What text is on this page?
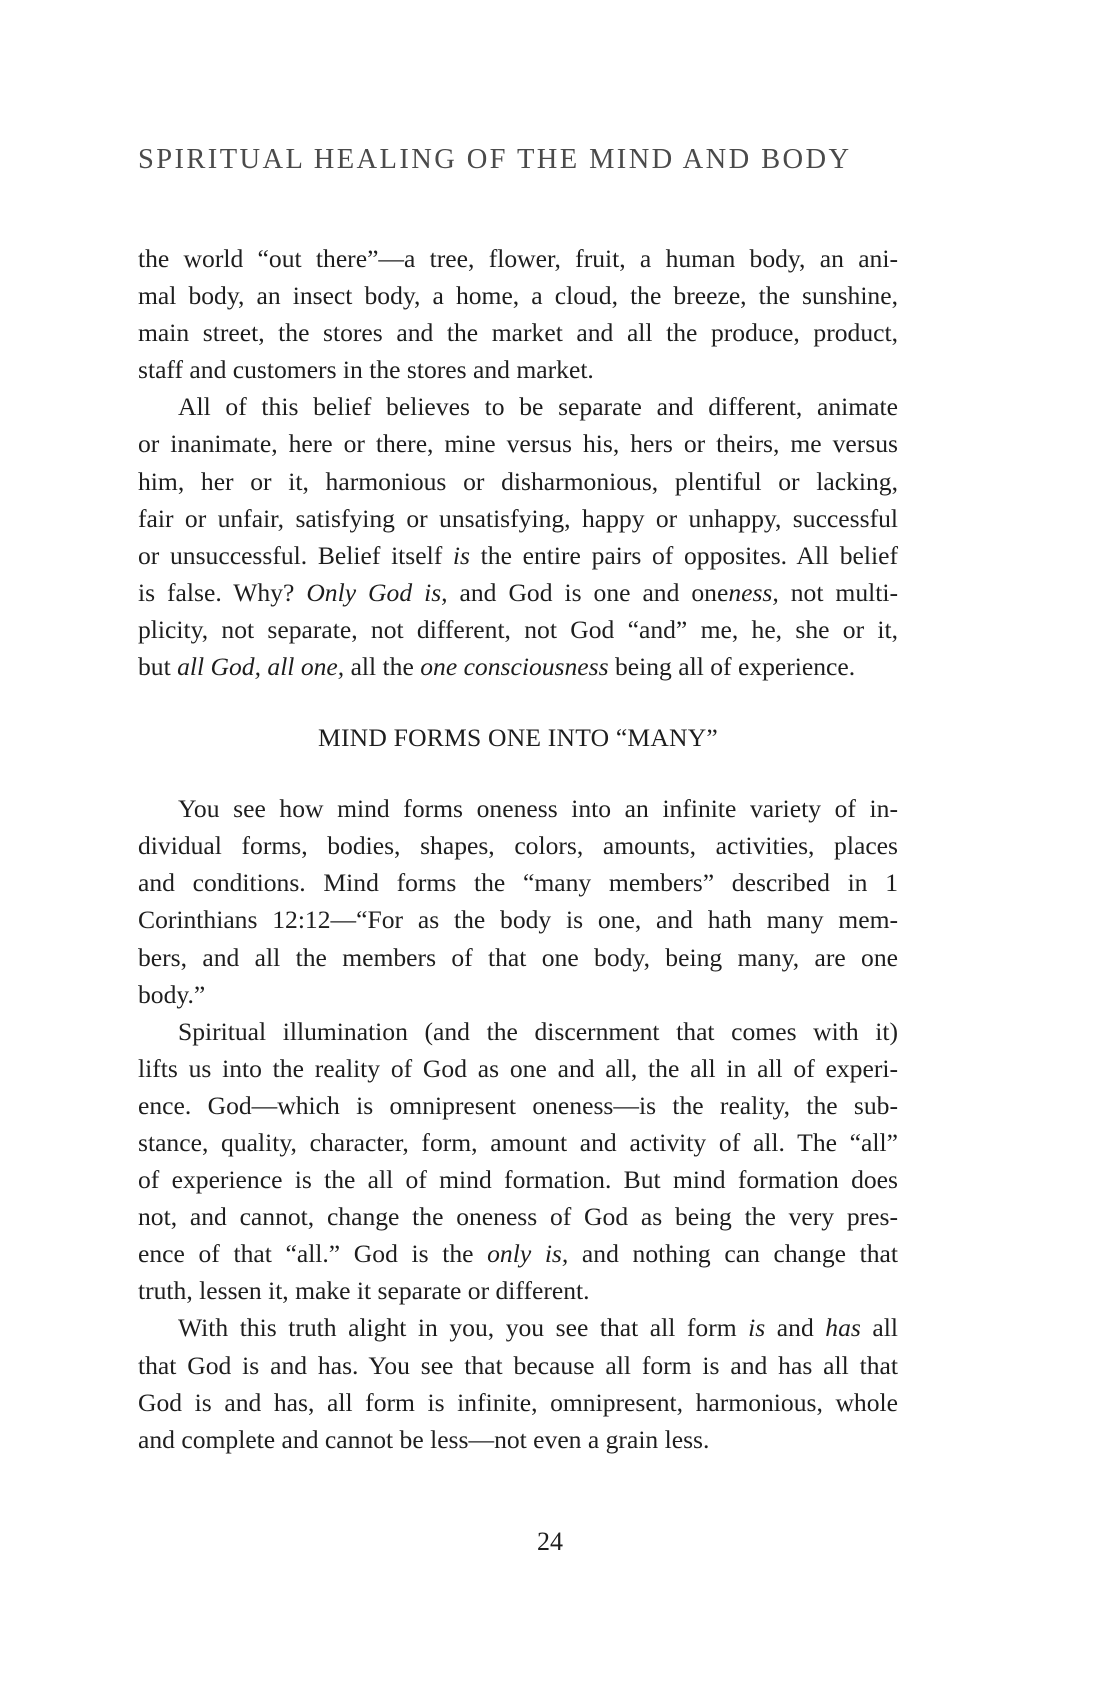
SPIRITUAL HEALING OF THE MIND AND BODY
the world “out there”—a tree, flower, fruit, a human body, an ani-
mal body, an insect body, a home, a cloud, the breeze, the sunshine,
main street, the stores and the market and all the produce, product,
staff and customers in the stores and market.
All of this belief believes to be separate and different, animate
or inanimate, here or there, mine versus his, hers or theirs, me versus
him, her or it, harmonious or disharmonious, plentiful or lacking,
fair or unfair, satisfying or unsatisfying, happy or unhappy, successful
or unsuccessful. Belief itself is the entire pairs of opposites. All belief
is false. Why? Only God is, and God is one and oneness, not multi-
plicity, not separate, not different, not God “and” me, he, she or it,
but all God, all one, all the one consciousness being all of experience.
MIND FORMS ONE INTO “MANY”
You see how mind forms oneness into an infinite variety of in-
dividual forms, bodies, shapes, colors, amounts, activities, places
and conditions. Mind forms the “many members” described in 1
Corinthians 12:12—“For as the body is one, and hath many mem-
bers, and all the members of that one body, being many, are one
body.”
Spiritual illumination (and the discernment that comes with it)
lifts us into the reality of God as one and all, the all in all of experi-
ence. God—which is omnipresent oneness—is the reality, the sub-
stance, quality, character, form, amount and activity of all. The “all”
of experience is the all of mind formation. But mind formation does
not, and cannot, change the oneness of God as being the very pres-
ence of that “all.” God is the only is, and nothing can change that
truth, lessen it, make it separate or different.
With this truth alight in you, you see that all form is and has all
that God is and has. You see that because all form is and has all that
God is and has, all form is infinite, omnipresent, harmonious, whole
and complete and cannot be less—not even a grain less.
24
